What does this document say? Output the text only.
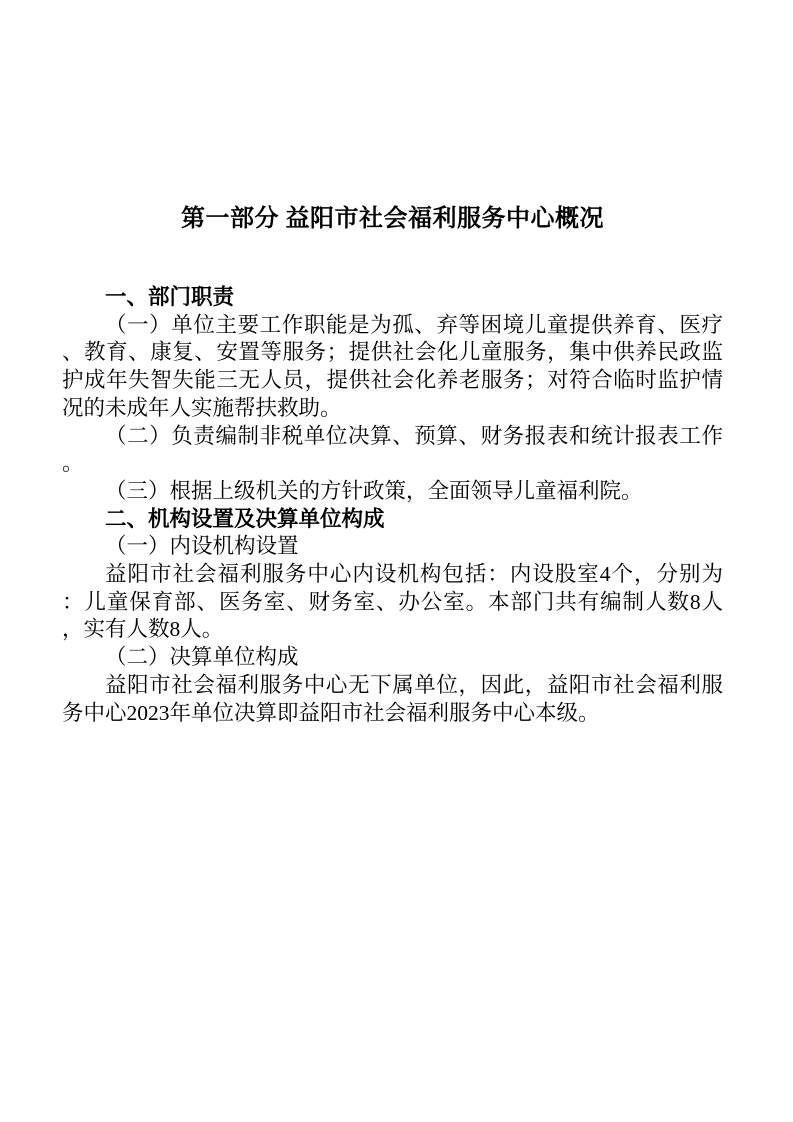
第一部分 益阳市社会福利服务中心概况
一、部门职责
（一）单位主要工作职能是为孤、弃等困境儿童提供养育、医疗
、教育、康复、安置等服务；提供社会化儿童服务，集中供养民政监
护成年失智失能三无人员，提供社会化养老服务；对符合临时监护情
况的未成年人实施帮扶救助。
（二）负责编制非税单位决算、预算、财务报表和统计报表工作
。
（三）根据上级机关的方针政策，全面领导儿童福利院。
二、机构设置及决算单位构成
（一）内设机构设置
益阳市社会福利服务中心内设机构包括：内设股室4个，分别为
：儿童保育部、医务室、财务室、办公室。本部门共有编制人数8人
，实有人数8人。
（二）决算单位构成
益阳市社会福利服务中心无下属单位，因此，益阳市社会福利服
务中心2023年单位决算即益阳市社会福利服务中心本级。
